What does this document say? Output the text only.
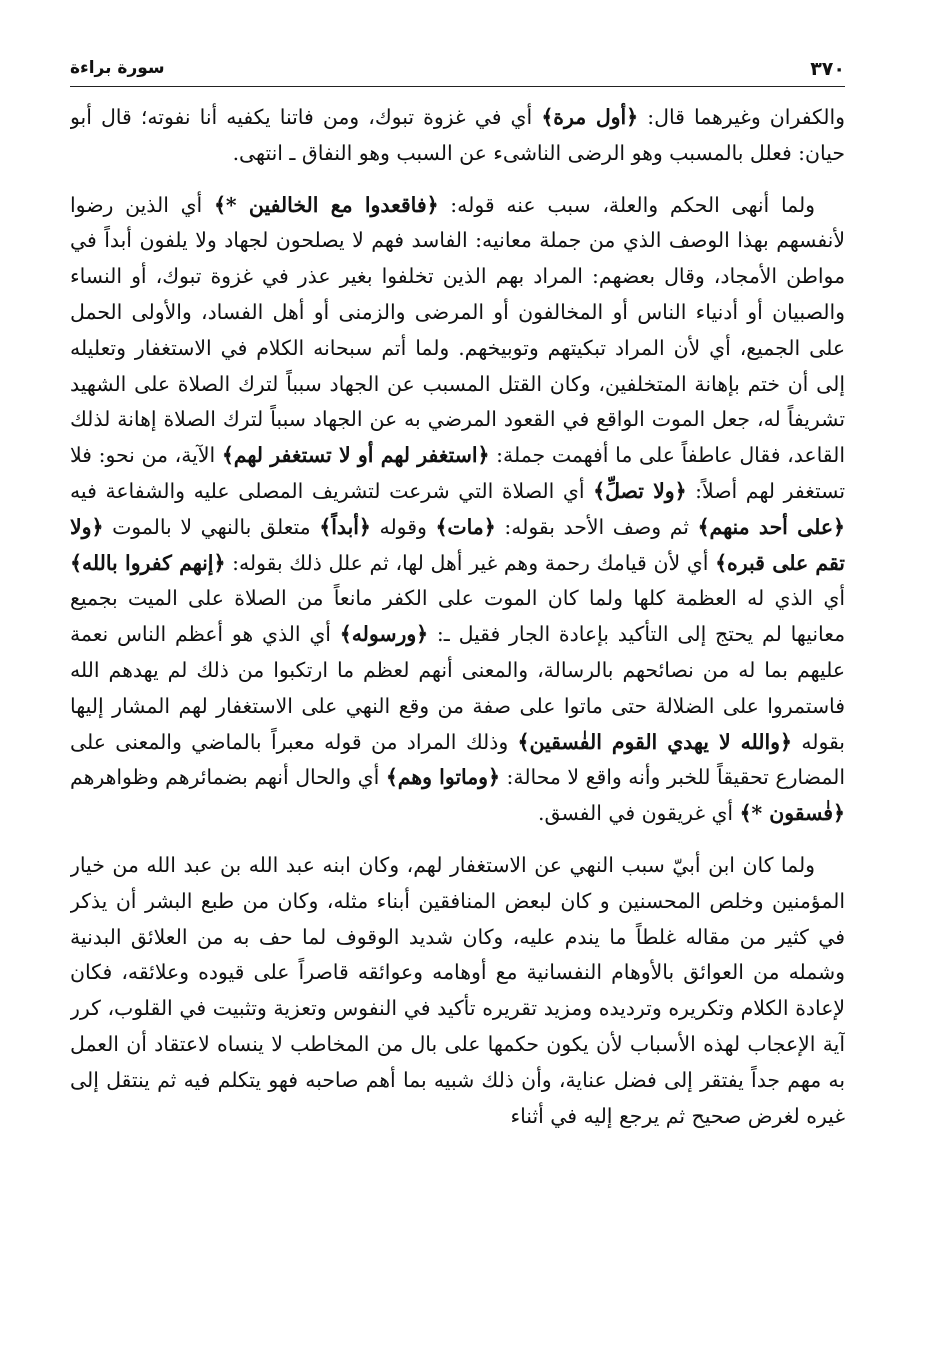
٣٧٠
سورة براءة

والكفران وغيرهما قال: ﴿أول مرة﴾ أي في غزوة تبوك، ومن فاتنا يكفيه أنا نفوته؛ قال أبو حيان: فعلل بالمسبب وهو الرضى الناشىء عن السبب وهو النفاق ـ انتهى.

ولما أنهى الحكم والعلة، سبب عنه قوله: ﴿فاقعدوا مع الخالفين *﴾ أي الذين رضوا لأنفسهم بهذا الوصف الذي من جملة معانيه: الفاسد فهم لا يصلحون لجهاد ولا يلفون أبداً في مواطن الأمجاد، وقال بعضهم: المراد بهم الذين تخلفوا بغير عذر في غزوة تبوك، أو النساء والصبيان أو أدنياء الناس أو المخالفون أو المرضى والزمنى أو أهل الفساد، والأولى الحمل على الجميع، أي لأن المراد تبكيتهم وتوبيخهم. ولما أتم سبحانه الكلام في الاستغفار وتعليله إلى أن ختم بإهانة المتخلفين، وكان القتل المسبب عن الجهاد سبباً لترك الصلاة على الشهيد تشريفاً له، جعل الموت الواقع في القعود المرضي به عن الجهاد سبباً لترك الصلاة إهانة لذلك القاعد، فقال عاطفاً على ما أفهمت جملة: ﴿استغفر لهم أو لا تستغفر لهم﴾ الآية، من نحو: فلا تستغفر لهم أصلاً: ﴿ولا تصلِّ﴾ أي الصلاة التي شرعت لتشريف المصلى عليه والشفاعة فيه ﴿على أحد منهم﴾ ثم وصف الأحد بقوله: ﴿مات﴾ وقوله ﴿أبداً﴾ متعلق بالنهي لا بالموت ﴿ولا تقم على قبره﴾ أي لأن قيامك رحمة وهم غير أهل لها، ثم علل ذلك بقوله: ﴿إنهم كفروا بالله﴾ أي الذي له العظمة كلها ولما كان الموت على الكفر مانعاً من الصلاة على الميت بجميع معانيها لم يحتج إلى التأكيد بإعادة الجار فقيل ـ: ﴿ورسوله﴾ أي الذي هو أعظم الناس نعمة عليهم بما له من نصائحهم بالرسالة، والمعنى أنهم لعظم ما ارتكبوا من ذلك لم يهدهم الله فاستمروا على الضلالة حتى ماتوا على صفة من وقع النهي على الاستغفار لهم المشار إليها بقوله ﴿والله لا يهدي القوم الفٰسقين﴾ وذلك المراد من قوله معبراً بالماضي والمعنى على المضارع تحقيقاً للخبر وأنه واقع لا محالة: ﴿وماتوا وهم﴾ أي والحال أنهم بضمائرهم وظواهرهم ﴿فٰسقون *﴾ أي غريقون في الفسق.

ولما كان ابن أبيّ سبب النهي عن الاستغفار لهم، وكان ابنه عبد الله بن عبد الله من خيار المؤمنين وخلص المحسنين و كان لبعض المنافقين أبناء مثله، وكان من طبع البشر أن يذكر في كثير من مقاله غلطاً ما يندم عليه، وكان شديد الوقوف لما حف به من العلائق البدنية وشمله من العوائق بالأوهام النفسانية مع أوهامه وعوائقه قاصراً على قيوده وعلائقه، فكان لإعادة الكلام وتكريره وترديده ومزيد تقريره تأكيد في النفوس وتعزية وتثبيت في القلوب، كرر آية الإعجاب لهذه الأسباب لأن يكون حكمها على بال من المخاطب لا ينساه لاعتقاد أن العمل به مهم جداً يفتقر إلى فضل عناية، وأن ذلك شبيه بما أهم صاحبه فهو يتكلم فيه ثم ينتقل إلى غيره لغرض صحيح ثم يرجع إليه في أثناء
